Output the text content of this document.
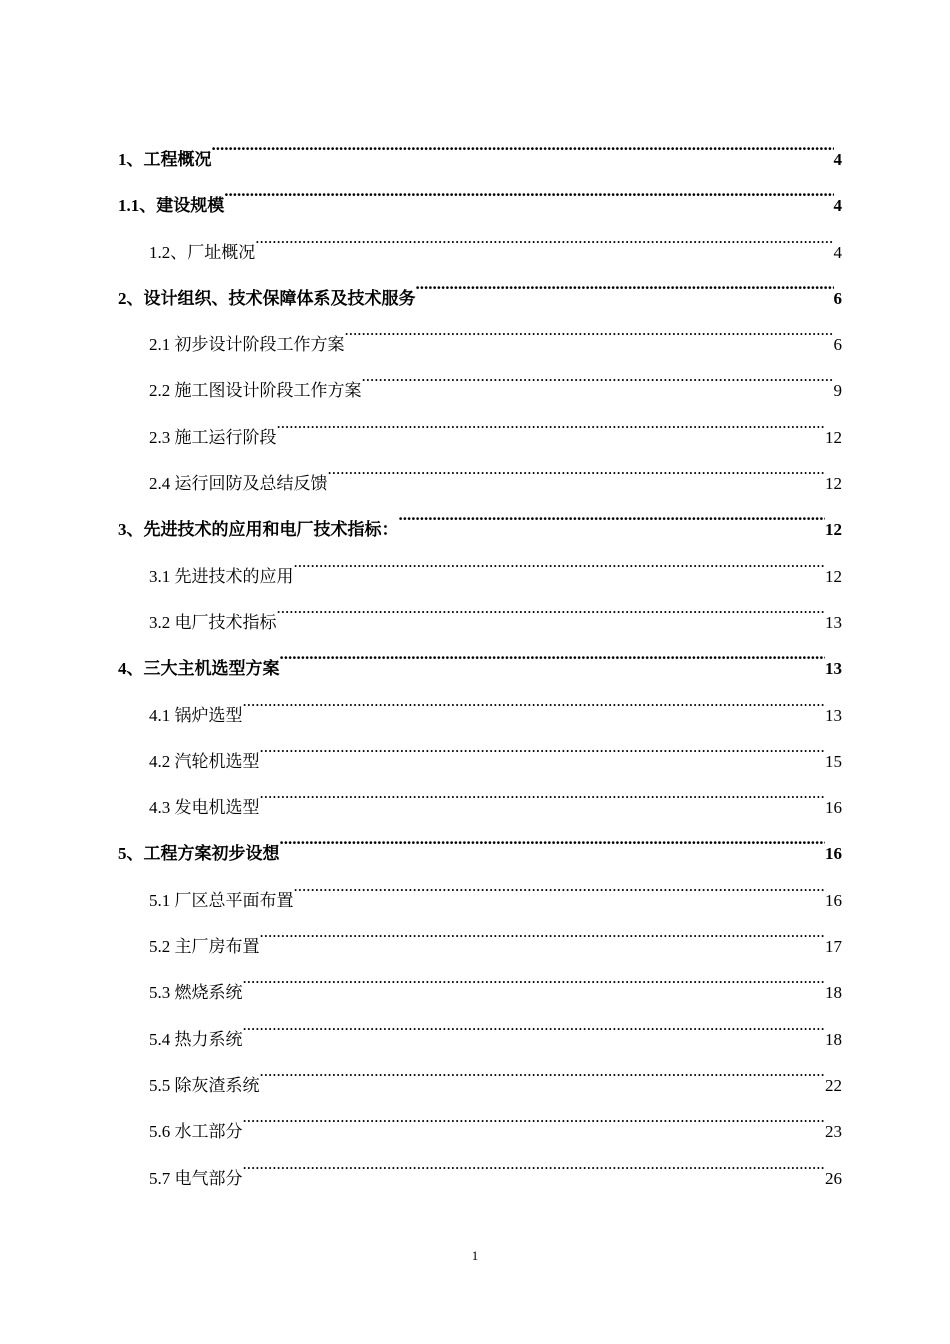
1、工程概况 .....	4
1.1、建设规模 .....	4
1.2、厂址概况 .....	4
2、设计组织、技术保障体系及技术服务 .....	6
2.1 初步设计阶段工作方案 .....	6
2.2 施工图设计阶段工作方案 .....	9
2.3 施工运行阶段 .....	12
2.4 运行回防及总结反馈 .....	12
3、先进技术的应用和电厂技术指标： .....	12
3.1 先进技术的应用 .....	12
3.2 电厂技术指标 .....	13
4、三大主机选型方案 .....	13
4.1 锅炉选型 .....	13
4.2 汽轮机选型 .....	15
4.3 发电机选型 .....	16
5、工程方案初步设想 .....	16
5.1 厂区总平面布置 .....	16
5.2 主厂房布置 .....	17
5.3 燃烧系统 .....	18
5.4 热力系统 .....	18
5.5 除灰渣系统 .....	22
5.6 水工部分 .....	23
5.7 电气部分 .....	26
1
